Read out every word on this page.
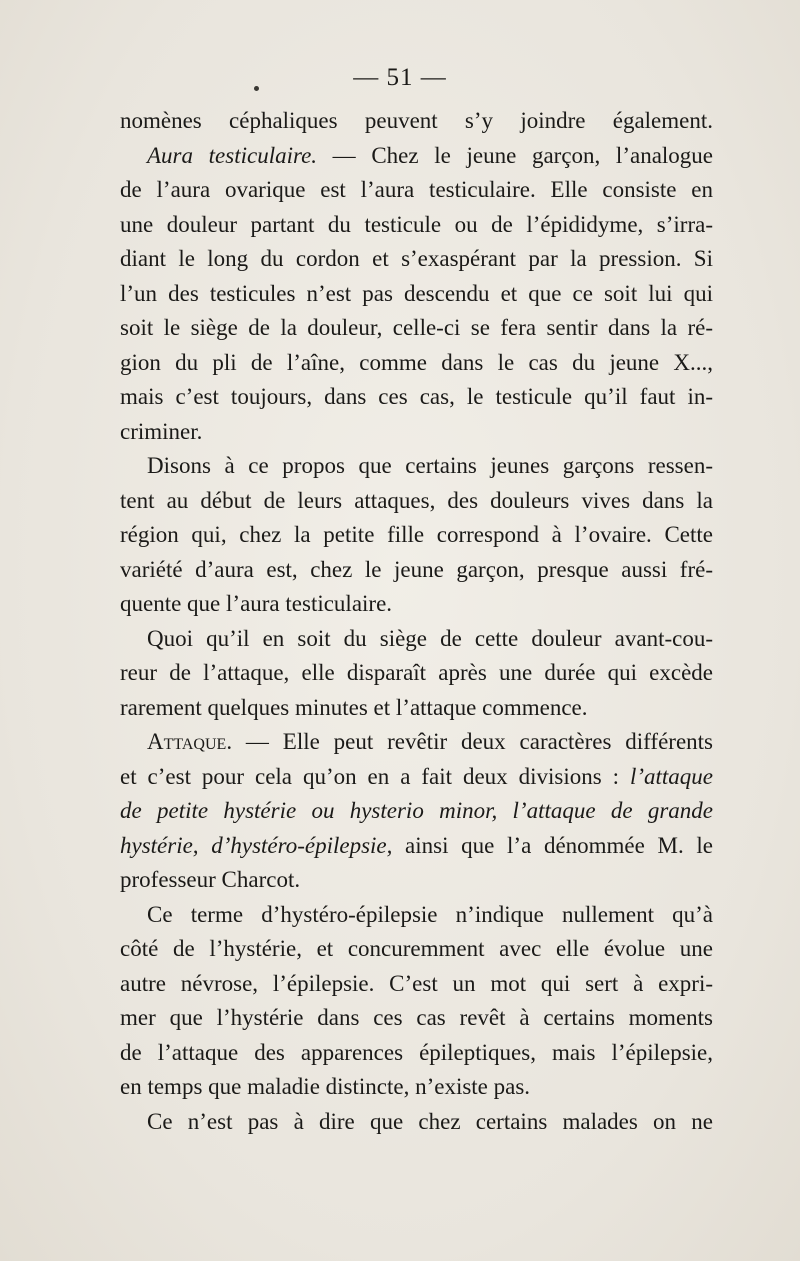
— 51 —
nomènes céphaliques peuvent s’y joindre également.
Aura testiculaire. — Chez le jeune garçon, l’analogue
de l’aura ovarique est l’aura testiculaire. Elle consiste en
une douleur partant du testicule ou de l’épididyme, s’irra-
diant le long du cordon et s’exaspérant par la pression. Si
l’un des testicules n’est pas descendu et que ce soit lui qui
soit le siège de la douleur, celle-ci se fera sentir dans la ré-
gion du pli de l’aîne, comme dans le cas du jeune X...,
mais c’est toujours, dans ces cas, le testicule qu’il faut in-
criminer.
Disons à ce propos que certains jeunes garçons ressen-
tent au début de leurs attaques, des douleurs vives dans la
région qui, chez la petite fille correspond à l’ovaire. Cette
variété d’aura est, chez le jeune garçon, presque aussi fré-
quente que l’aura testiculaire.
Quoi qu’il en soit du siège de cette douleur avant-cou-
reur de l’attaque, elle disparaît après une durée qui excède
rarement quelques minutes et l’attaque commence.
Attaque. — Elle peut revêtir deux caractères différents
et c’est pour cela qu’on en a fait deux divisions : l’attaque
de petite hystérie ou hysterio minor, l’attaque de grande
hystérie, d’hystéro-épilepsie, ainsi que l’a dénommée M. le
professeur Charcot.
Ce terme d’hystéro-épilepsie n’indique nullement qu’à
côté de l’hystérie, et concuremment avec elle évolue une
autre névrose, l’épilepsie. C’est un mot qui sert à expri-
mer que l’hystérie dans ces cas revêt à certains moments
de l’attaque des apparences épileptiques, mais l’épilepsie,
en temps que maladie distincte, n’existe pas.
Ce n’est pas à dire que chez certains malades on ne
